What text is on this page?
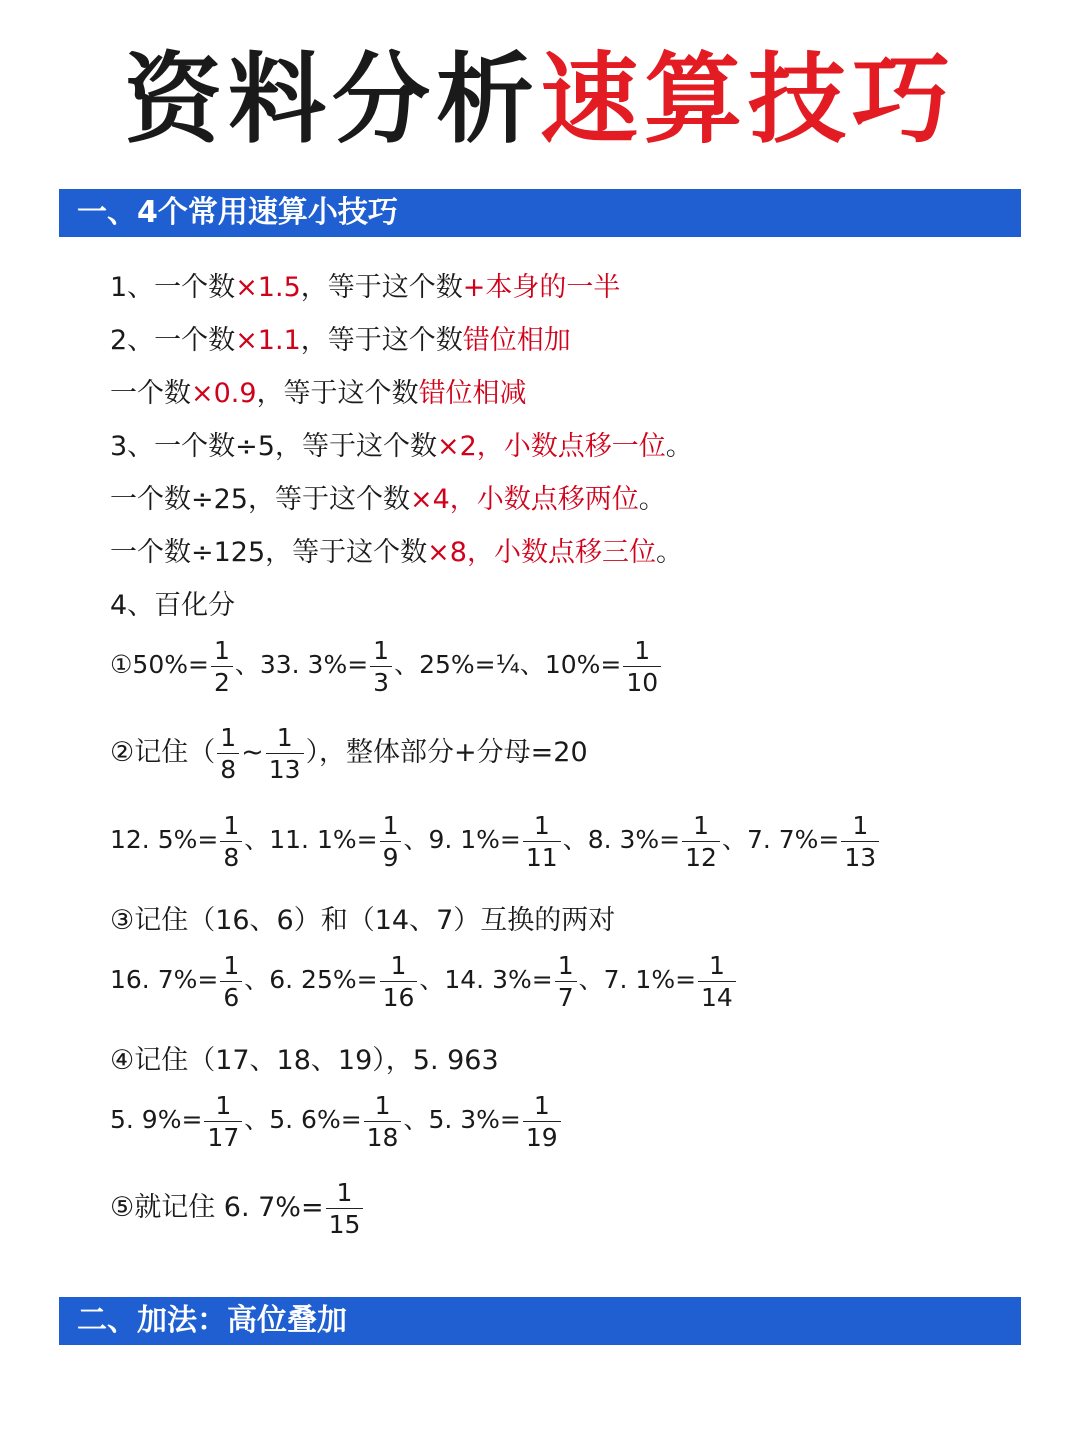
资料分析速算技巧
一、4个常用速算小技巧
1、一个数×1.5，等于这个数+本身的一半
2、一个数×1.1，等于这个数错位相加
一个数×0.9，等于这个数错位相减
3、一个数÷5，等于这个数×2，小数点移一位。
一个数÷25，等于这个数×4，小数点移两位。
一个数÷125，等于这个数×8，小数点移三位。
4、百化分
①50%= $\frac{1}{2}$ 、33. $3\%= \frac{1}{3}$ 、25%=¼、$10\%= \frac{1}{10}$
②记住（ $\frac{1}{8}$ ~ $\frac{1}{13}$ ），整体部分+分母=20
12. $5\%= \frac{1}{8}$ 、11. $1\%= \frac{1}{9}$ 、9. $1\%= \frac{1}{11}$ 、8. $3\%= \frac{1}{12}$ 、7. $7\%= \frac{1}{13}$
③记住（16、6）和（14、7）互换的两对
16. $7\%= \frac{1}{6}$ 、6. $25\%= \frac{1}{16}$ 、14. $3\%= \frac{1}{7}$ 、7. $1\%= \frac{1}{14}$
④记住（17、18、19），5. 963
5. $9\%= \frac{1}{17}$ 、5. $6\%= \frac{1}{18}$ 、5. $3\%= \frac{1}{19}$
⑤就记住 6. $7\%= \frac{1}{15}$
二、加法：高位叠加
